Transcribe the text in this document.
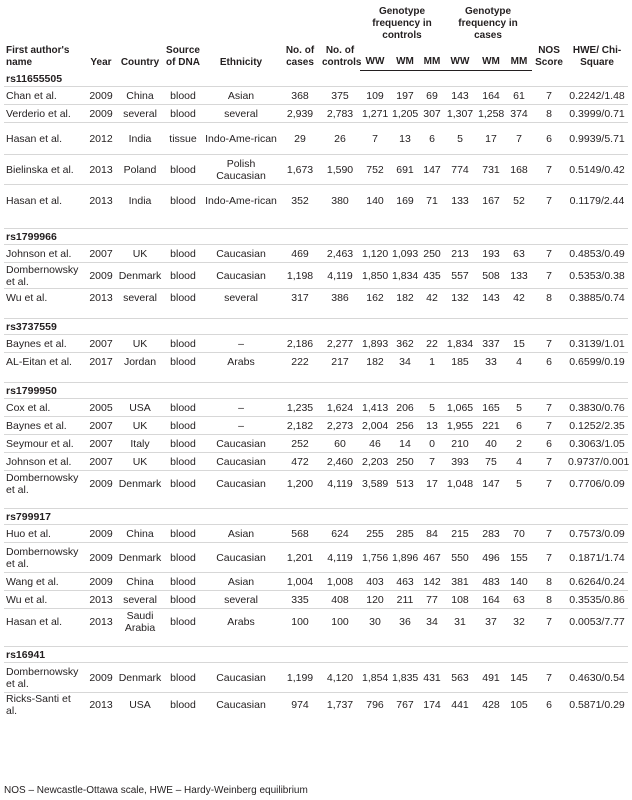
First author's name	Year	Country	Source of DNA	Ethnicity	No. of cases	No. of controls	Genotype frequency in controls			Genotype frequency in cases			NOS Score	HWE/ Chi-Square
							WW	WM	MM	WW	WM	MM		
rs11655505														
Chan et al.	2009	China	blood	Asian	368	375	109	197	69	143	164	61	7	0.2242/1.48
Verderio et al.	2009	several	blood	several	2,939	2,783	1,271	1,205	307	1,307	1,258	374	8	0.3999/0.71
Hasan et al.	2012	India	tissue	Indo-Ame-rican	29	26	7	13	6	5	17	7	6	0.9939/5.71
Bielinska et al.	2013	Poland	blood	Polish Caucasian	1,673	1,590	752	691	147	774	731	168	7	0.5149/0.42
Hasan et al.	2013	India	blood	Indo-Ame-rican	352	380	140	169	71	133	167	52	7	0.1179/2.44

rs1799966														
Johnson et al.	2007	UK	blood	Caucasian	469	2,463	1,120	1,093	250	213	193	63	7	0.4853/0.49
Dombernowsky et al.	2009	Denmark	blood	Caucasian	1,198	4,119	1,850	1,834	435	557	508	133	7	0.5353/0.38
Wu et al.	2013	several	blood	several	317	386	162	182	42	132	143	42	8	0.3885/0.74

rs3737559														
Baynes et al.	2007	UK	blood	–	2,186	2,277	1,893	362	22	1,834	337	15	7	0.3139/1.01
AL-Eitan et al.	2017	Jordan	blood	Arabs	222	217	182	34	1	185	33	4	6	0.6599/0.19

rs1799950														
Cox et al.	2005	USA	blood	–	1,235	1,624	1,413	206	5	1,065	165	5	7	0.3830/0.76
Baynes et al.	2007	UK	blood	–	2,182	2,273	2,004	256	13	1,955	221	6	7	0.1252/2.35
Seymour et al.	2007	Italy	blood	Caucasian	252	60	46	14	0	210	40	2	6	0.3063/1.05
Johnson et al.	2007	UK	blood	Caucasian	472	2,460	2,203	250	7	393	75	4	7	0.9737/0.001
Dombernowsky et al.	2009	Denmark	blood	Caucasian	1,200	4,119	3,589	513	17	1,048	147	5	7	0.7706/0.09

rs799917														
Huo et al.	2009	China	blood	Asian	568	624	255	285	84	215	283	70	7	0.7573/0.09
Dombernowsky et al.	2009	Denmark	blood	Caucasian	1,201	4,119	1,756	1,896	467	550	496	155	7	0.1871/1.74
Wang et al.	2009	China	blood	Asian	1,004	1,008	403	463	142	381	483	140	8	0.6264/0.24
Wu et al.	2013	several	blood	several	335	408	120	211	77	108	164	63	8	0.3535/0.86
Hasan et al.	2013	Saudi Arabia	blood	Arabs	100	100	30	36	34	31	37	32	7	0.0053/7.77

rs16941														
Dombernowsky et al.	2009	Denmark	blood	Caucasian	1,199	4,120	1,854	1,835	431	563	491	145	7	0.4630/0.54
Ricks-Santi et al.	2013	USA	blood	Caucasian	974	1,737	796	767	174	441	428	105	6	0.5871/0.29
NOS – Newcastle-Ottawa scale, HWE – Hardy-Weinberg equilibrium
